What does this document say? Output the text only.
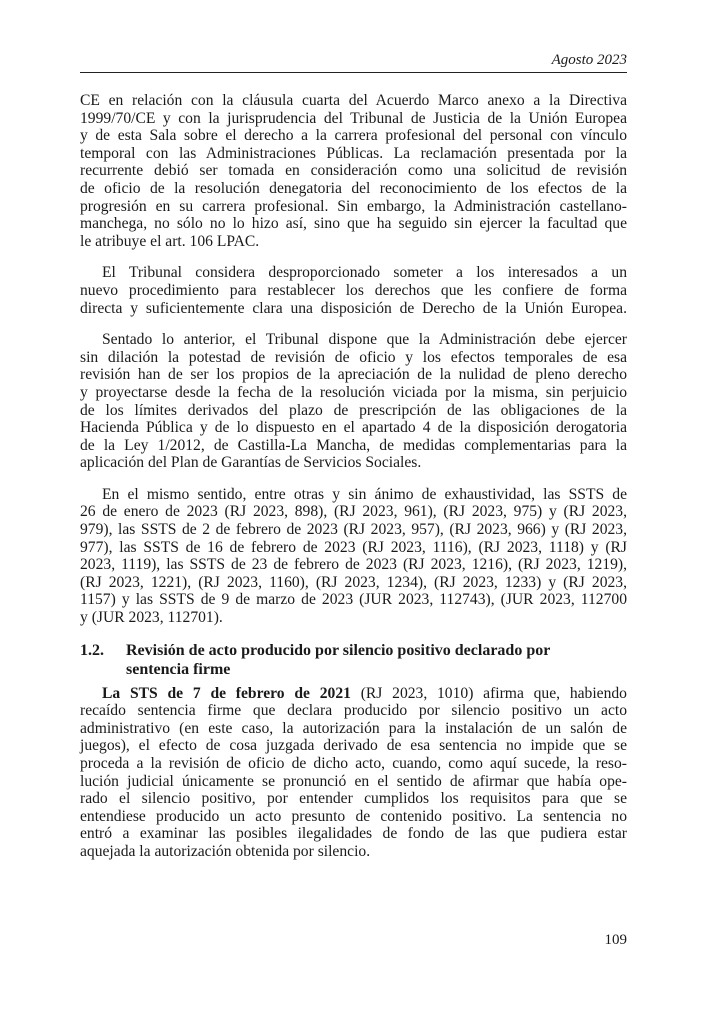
Agosto 2023
CE en relación con la cláusula cuarta del Acuerdo Marco anexo a la Directiva
1999/70/CE y con la jurisprudencia del Tribunal de Justicia de la Unión Europea
y de esta Sala sobre el derecho a la carrera profesional del personal con vínculo
temporal con las Administraciones Públicas. La reclamación presentada por la
recurrente debió ser tomada en consideración como una solicitud de revisión
de oficio de la resolución denegatoria del reconocimiento de los efectos de la
progresión en su carrera profesional. Sin embargo, la Administración castellano-
manchega, no sólo no lo hizo así, sino que ha seguido sin ejercer la facultad que
le atribuye el art. 106 LPAC.
El Tribunal considera desproporcionado someter a los interesados a un
nuevo procedimiento para restablecer los derechos que les confiere de forma
directa y suficientemente clara una disposición de Derecho de la Unión Europea.
Sentado lo anterior, el Tribunal dispone que la Administración debe ejercer
sin dilación la potestad de revisión de oficio y los efectos temporales de esa
revisión han de ser los propios de la apreciación de la nulidad de pleno derecho
y proyectarse desde la fecha de la resolución viciada por la misma, sin perjuicio
de los límites derivados del plazo de prescripción de las obligaciones de la
Hacienda Pública y de lo dispuesto en el apartado 4 de la disposición derogatoria
de la Ley 1/2012, de Castilla-La Mancha, de medidas complementarias para la
aplicación del Plan de Garantías de Servicios Sociales.
En el mismo sentido, entre otras y sin ánimo de exhaustividad, las SSTS de
26 de enero de 2023 (RJ 2023, 898), (RJ 2023, 961), (RJ 2023, 975) y (RJ 2023,
979), las SSTS de 2 de febrero de 2023 (RJ 2023, 957), (RJ 2023, 966) y (RJ 2023,
977), las SSTS de 16 de febrero de 2023 (RJ 2023, 1116), (RJ 2023, 1118) y (RJ
2023, 1119), las SSTS de 23 de febrero de 2023 (RJ 2023, 1216), (RJ 2023, 1219),
(RJ 2023, 1221), (RJ 2023, 1160), (RJ 2023, 1234), (RJ 2023, 1233) y (RJ 2023,
1157) y las SSTS de 9 de marzo de 2023 (JUR 2023, 112743), (JUR 2023, 112700
y (JUR 2023, 112701).
1.2. Revisión de acto producido por silencio positivo declarado por
sentencia firme
La STS de 7 de febrero de 2021 (RJ 2023, 1010) afirma que, habiendo
recaído sentencia firme que declara producido por silencio positivo un acto
administrativo (en este caso, la autorización para la instalación de un salón de
juegos), el efecto de cosa juzgada derivado de esa sentencia no impide que se
proceda a la revisión de oficio de dicho acto, cuando, como aquí sucede, la reso-
lución judicial únicamente se pronunció en el sentido de afirmar que había ope-
rado el silencio positivo, por entender cumplidos los requisitos para que se
entendiese producido un acto presunto de contenido positivo. La sentencia no
entró a examinar las posibles ilegalidades de fondo de las que pudiera estar
aquejada la autorización obtenida por silencio.
109
